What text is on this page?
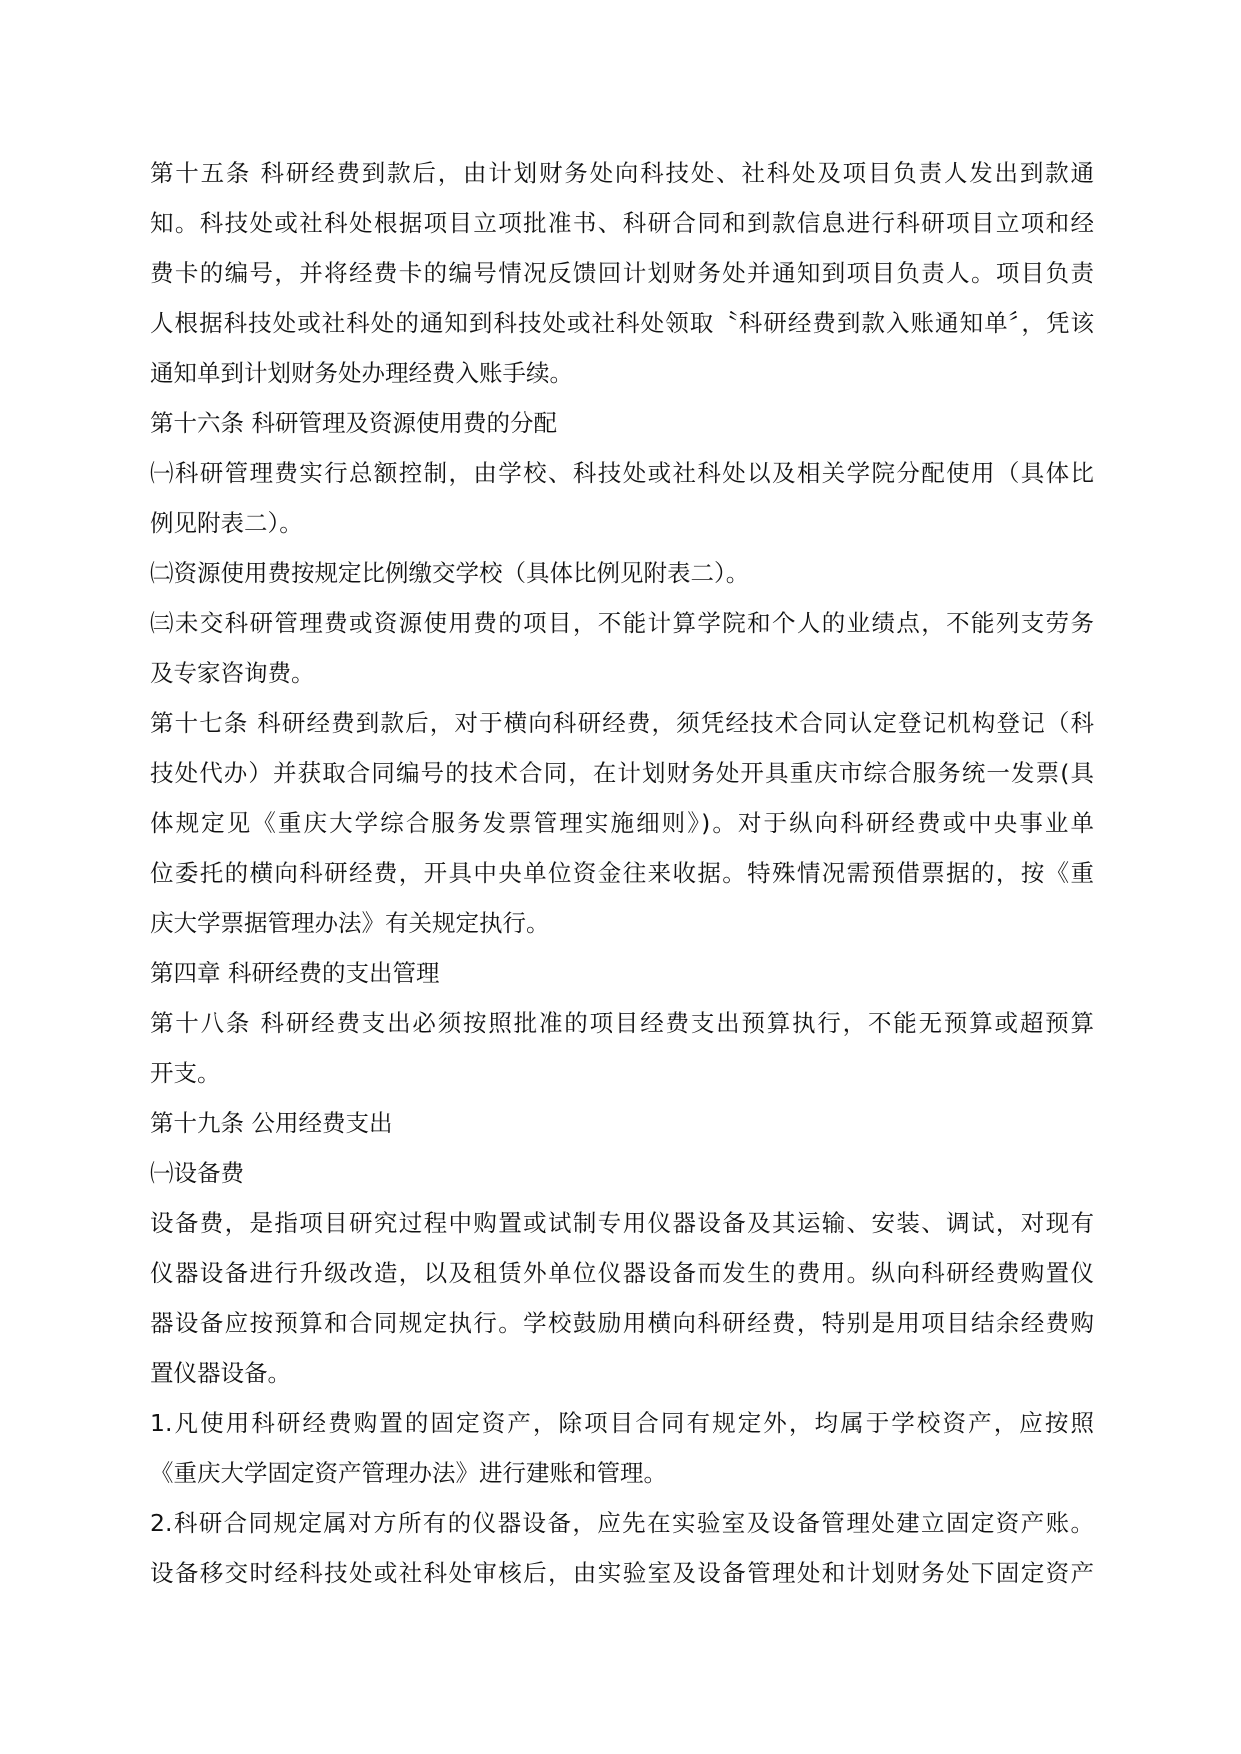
第十五条 科研经费到款后，由计划财务处向科技处、社科处及项目负责人发出到款通
知。科技处或社科处根据项目立项批准书、科研合同和到款信息进行科研项目立项和经
费卡的编号，并将经费卡的编号情况反馈回计划财务处并通知到项目负责人。项目负责
人根据科技处或社科处的通知到科技处或社科处领取〝科研经费到款入账通知单〞，凭该
通知单到计划财务处办理经费入账手续。
第十六条 科研管理及资源使用费的分配
㈠科研管理费实行总额控制，由学校、科技处或社科处以及相关学院分配使用（具体比
例见附表二）。
㈡资源使用费按规定比例缴交学校（具体比例见附表二）。
㈢未交科研管理费或资源使用费的项目，不能计算学院和个人的业绩点，不能列支劳务
及专家咨询费。
第十七条 科研经费到款后，对于横向科研经费，须凭经技术合同认定登记机构登记（科
技处代办）并获取合同编号的技术合同，在计划财务处开具重庆市综合服务统一发票(具
体规定见《重庆大学综合服务发票管理实施细则》)。对于纵向科研经费或中央事业单
位委托的横向科研经费，开具中央单位资金往来收据。特殊情况需预借票据的，按《重
庆大学票据管理办法》有关规定执行。
第四章 科研经费的支出管理
第十八条 科研经费支出必须按照批准的项目经费支出预算执行，不能无预算或超预算
开支。
第十九条 公用经费支出
㈠设备费
设备费，是指项目研究过程中购置或试制专用仪器设备及其运输、安装、调试，对现有
仪器设备进行升级改造，以及租赁外单位仪器设备而发生的费用。纵向科研经费购置仪
器设备应按预算和合同规定执行。学校鼓励用横向科研经费，特别是用项目结余经费购
置仪器设备。
1.凡使用科研经费购置的固定资产，除项目合同有规定外，均属于学校资产，应按照
《重庆大学固定资产管理办法》进行建账和管理。
2.科研合同规定属对方所有的仪器设备，应先在实验室及设备管理处建立固定资产账。
设备移交时经科技处或社科处审核后，由实验室及设备管理处和计划财务处下固定资产
